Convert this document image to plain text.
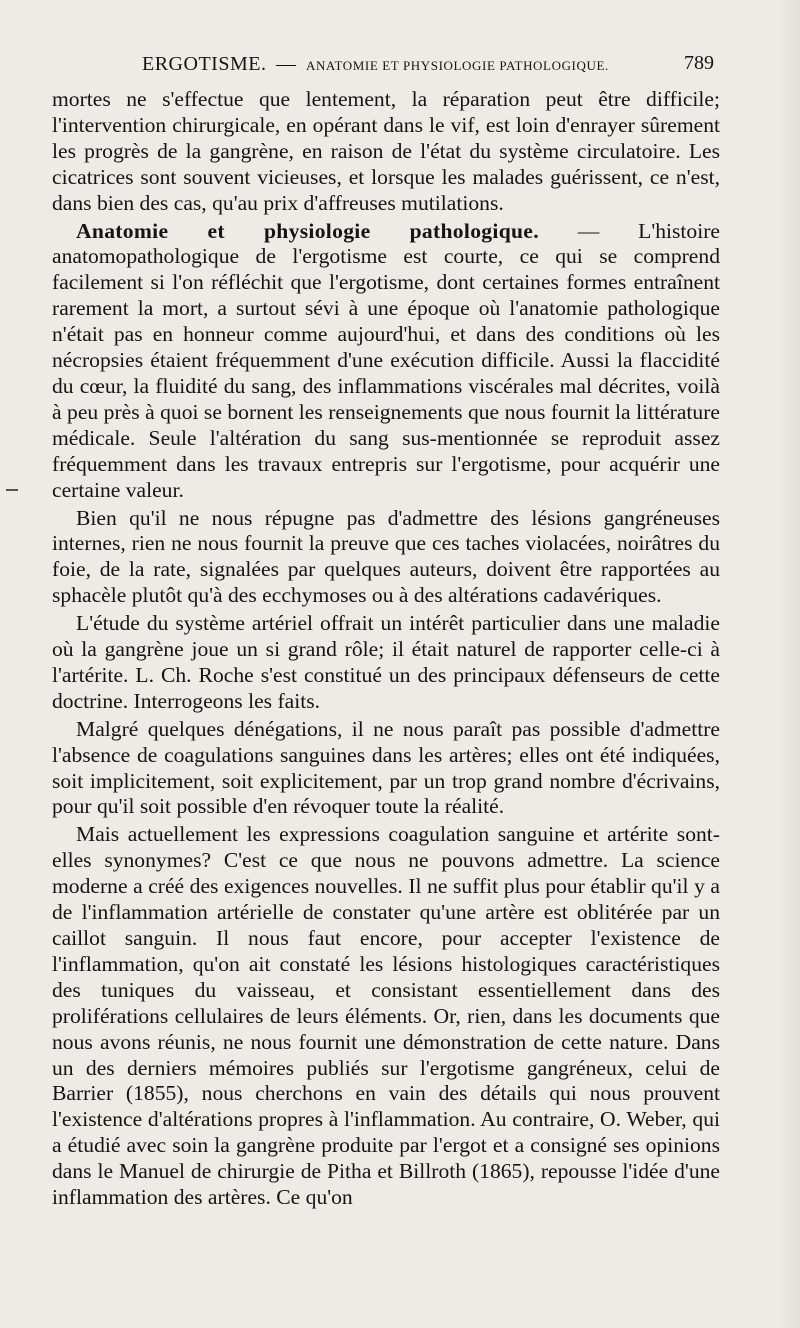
ERGOTISME. — ANATOMIE ET PHYSIOLOGIE PATHOLOGIQUE.	789

mortes ne s'effectue que lentement, la réparation peut être difficile; l'intervention chirurgicale, en opérant dans le vif, est loin d'enrayer sûrement les progrès de la gangrène, en raison de l'état du système circulatoire. Les cicatrices sont souvent vicieuses, et lorsque les malades guérissent, ce n'est, dans bien des cas, qu'au prix d'affreuses mutilations.

Anatomie et physiologie pathologique. — L'histoire anatomopathologique de l'ergotisme est courte, ce qui se comprend facilement si l'on réfléchit que l'ergotisme, dont certaines formes entraînent rarement la mort, a surtout sévi à une époque où l'anatomie pathologique n'était pas en honneur comme aujourd'hui, et dans des conditions où les nécropsies étaient fréquemment d'une exécution difficile. Aussi la flaccidité du cœur, la fluidité du sang, des inflammations viscérales mal décrites, voilà à peu près à quoi se bornent les renseignements que nous fournit la littérature médicale. Seule l'altération du sang sus-mentionnée se reproduit assez fréquemment dans les travaux entrepris sur l'ergotisme, pour acquérir une certaine valeur.

Bien qu'il ne nous répugne pas d'admettre des lésions gangréneuses internes, rien ne nous fournit la preuve que ces taches violacées, noirâtres du foie, de la rate, signalées par quelques auteurs, doivent être rapportées au sphacèle plutôt qu'à des ecchymoses ou à des altérations cadavériques.

L'étude du système artériel offrait un intérêt particulier dans une maladie où la gangrène joue un si grand rôle; il était naturel de rapporter celle-ci à l'artérite. L. Ch. Roche s'est constitué un des principaux défenseurs de cette doctrine. Interrogeons les faits.

Malgré quelques dénégations, il ne nous paraît pas possible d'admettre l'absence de coagulations sanguines dans les artères; elles ont été indiquées, soit implicitement, soit explicitement, par un trop grand nombre d'écrivains, pour qu'il soit possible d'en révoquer toute la réalité.

Mais actuellement les expressions coagulation sanguine et artérite sont-elles synonymes? C'est ce que nous ne pouvons admettre. La science moderne a créé des exigences nouvelles. Il ne suffit plus pour établir qu'il y a de l'inflammation artérielle de constater qu'une artère est oblitérée par un caillot sanguin. Il nous faut encore, pour accepter l'existence de l'inflammation, qu'on ait constaté les lésions histologiques caractéristiques des tuniques du vaisseau, et consistant essentiellement dans des proliférations cellulaires de leurs éléments. Or, rien, dans les documents que nous avons réunis, ne nous fournit une démonstration de cette nature. Dans un des derniers mémoires publiés sur l'ergotisme gangréneux, celui de Barrier (1855), nous cherchons en vain des détails qui nous prouvent l'existence d'altérations propres à l'inflammation. Au contraire, O. Weber, qui a étudié avec soin la gangrène produite par l'ergot et a consigné ses opinions dans le Manuel de chirurgie de Pitha et Billroth (1865), repousse l'idée d'une inflammation des artères. Ce qu'on
